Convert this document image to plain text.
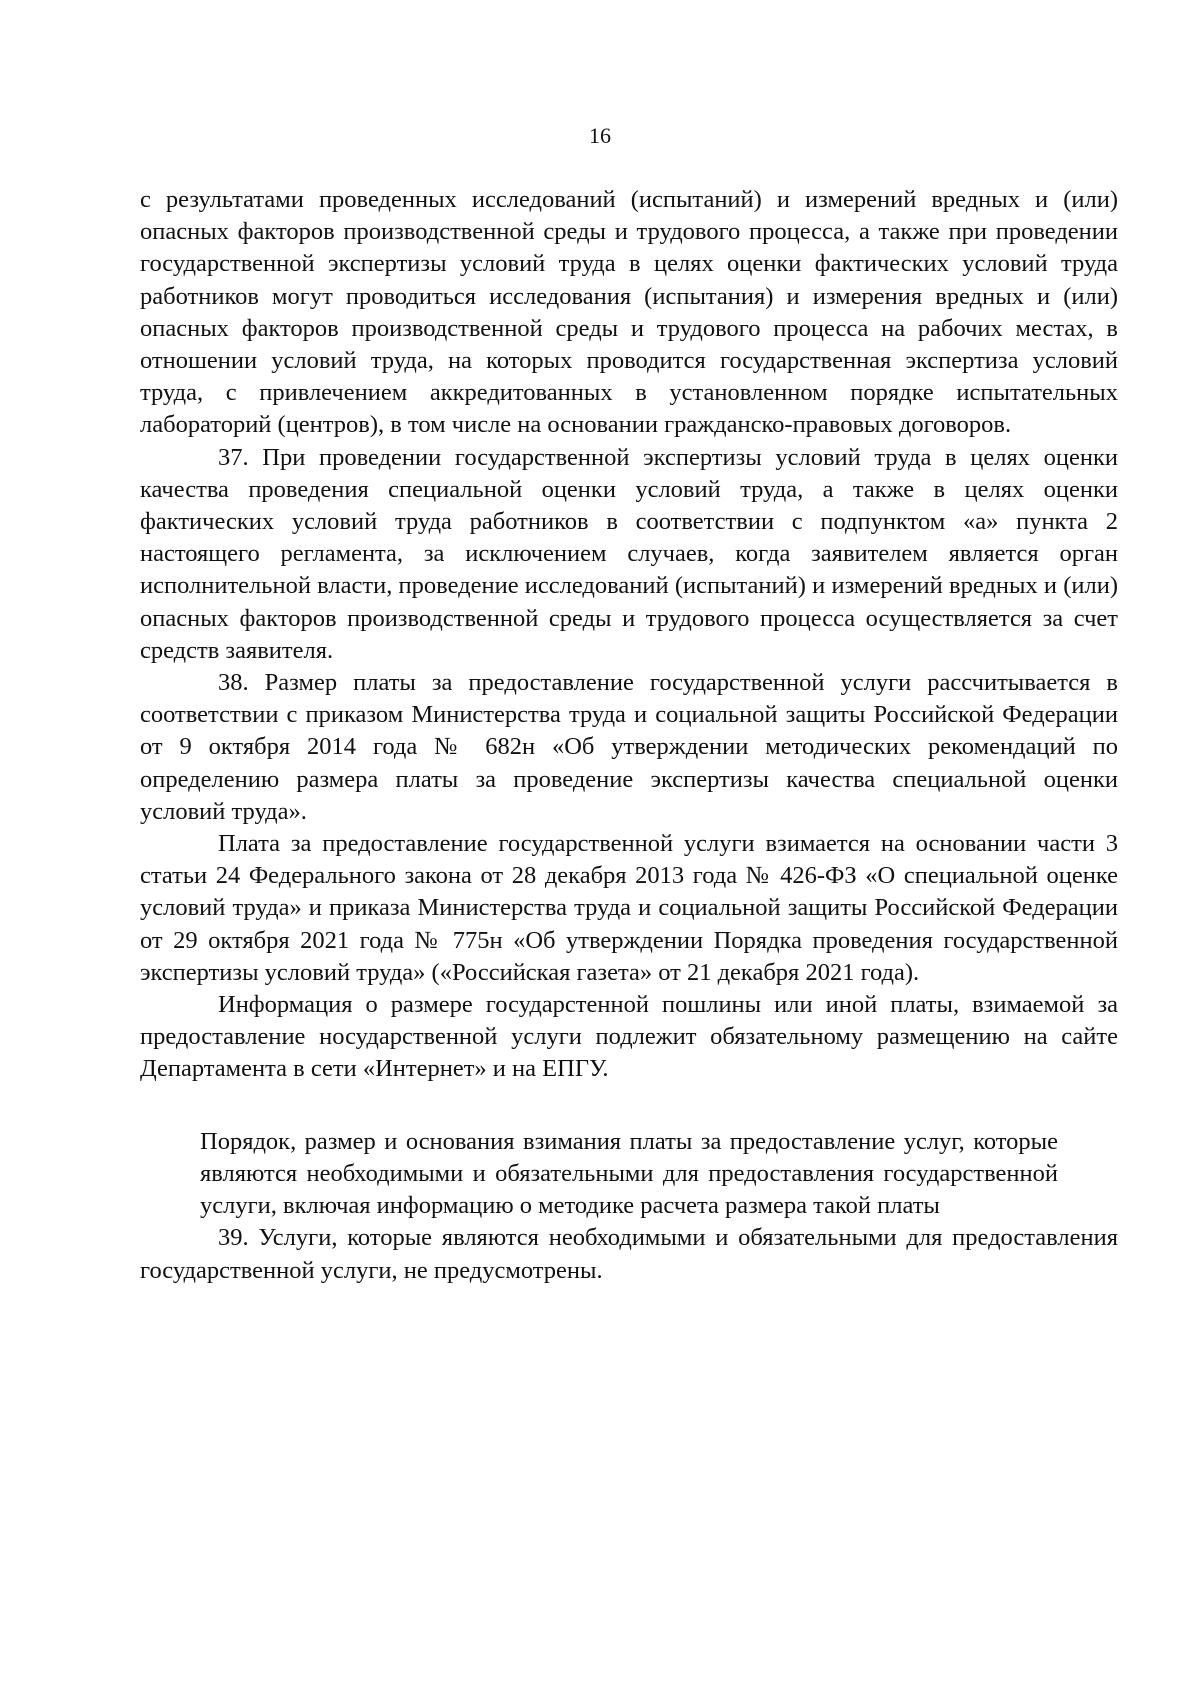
16

с результатами проведенных исследований (испытаний) и измерений вредных и (или) опасных факторов производственной среды и трудового процесса, а также при проведении государственной экспертизы условий труда в целях оценки фактических условий труда работников могут проводиться исследования (испытания) и измерения вредных и (или) опасных факторов производственной среды и трудового процесса на рабочих местах, в отношении условий труда, на которых проводится государственная экспертиза условий труда, с привлечением аккредитованных в установленном порядке испытательных лабораторий (центров), в том числе на основании гражданско-правовых договоров.

37. При проведении государственной экспертизы условий труда в целях оценки качества проведения специальной оценки условий труда, а также в целях оценки фактических условий труда работников в соответствии с подпунктом «а» пункта 2 настоящего регламента, за исключением случаев, когда заявителем является орган исполнительной власти, проведение исследований (испытаний) и измерений вредных и (или) опасных факторов производственной среды и трудового процесса осуществляется за счет средств заявителя.

38. Размер платы за предоставление государственной услуги рассчитывается в соответствии с приказом Министерства труда и социальной защиты Российской Федерации от 9 октября 2014 года № 682н «Об утверждении методических рекомендаций по определению размера платы за проведение экспертизы качества специальной оценки условий труда».

Плата за предоставление государственной услуги взимается на основании части 3 статьи 24 Федерального закона от 28 декабря 2013 года № 426-ФЗ «О специальной оценке условий труда» и приказа Министерства труда и социальной защиты Российской Федерации от 29 октября 2021 года № 775н «Об утверждении Порядка проведения государственной экспертизы условий труда» («Российская газета» от 21 декабря 2021 года).

Информация о размере государстенной пошлины или иной платы, взимаемой за предоставление носударственной услуги подлежит обязательному размещению на сайте Департамента в сети «Интернет» и на ЕПГУ.

Порядок, размер и основания взимания платы за предоставление услуг, которые являются необходимыми и обязательными для предоставления государственной услуги, включая информацию о методике расчета размера такой платы

39. Услуги, которые являются необходимыми и обязательными для предоставления государственной услуги, не предусмотрены.
